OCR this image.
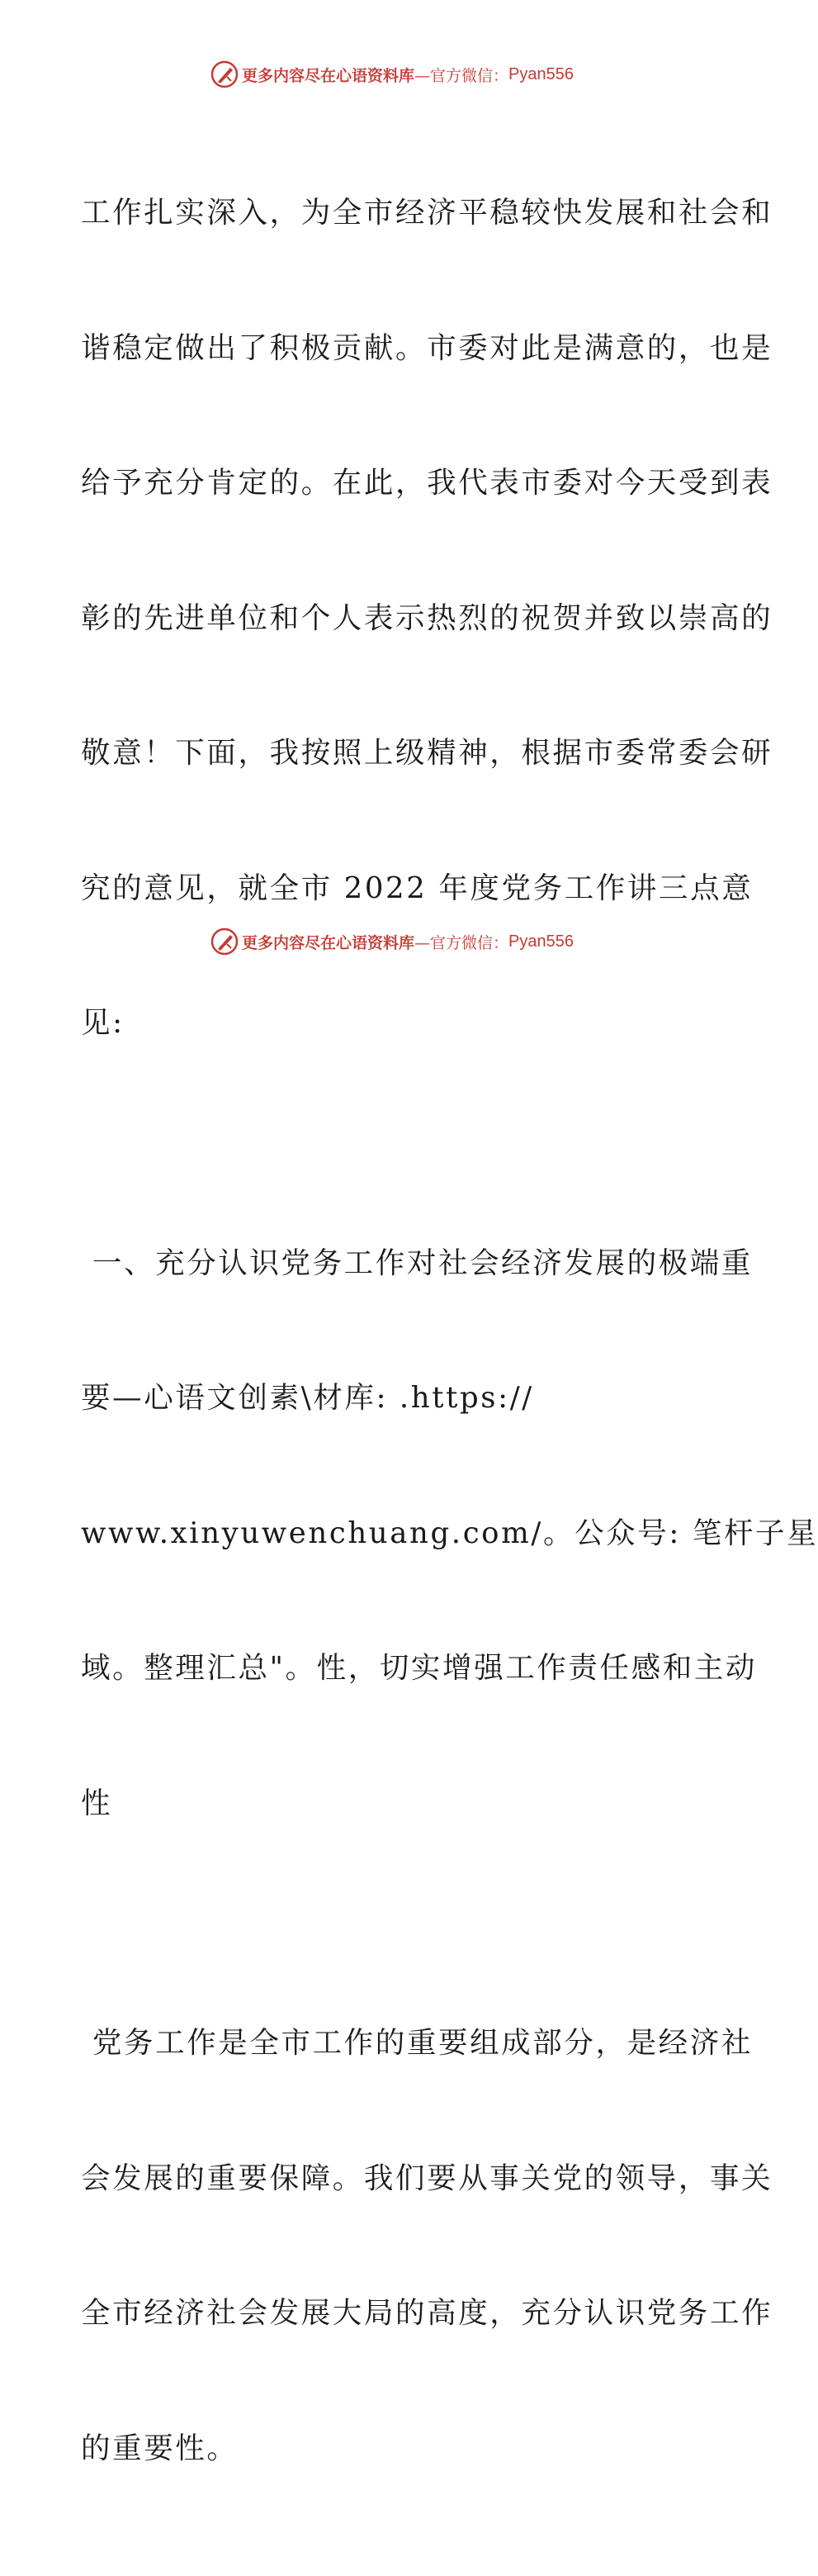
更多内容尽在心语资料库 —官方微信： Pyan556

工作扎实深入，为全市经济平稳较快发展和社会和

谐稳定做出了积极贡献。市委对此是满意的，也是

给予充分肯定的。在此，我代表市委对今天受到表

彰的先进单位和个人表示热烈的祝贺并致以崇高的

敬意！下面，我按照上级精神，根据市委常委会研

究的意见，就全市 2022 年度党务工作讲三点意

见:

一、充分认识党务工作对社会经济发展的极端重

要—心语文创素\材库: .https://

www.xinyuwenchuang.com/。公众号: 笔杆子星

域。整理汇总"。性，切实增强工作责任感和主动

性

党务工作是全市工作的重要组成部分，是经济社

会发展的重要保障。我们要从事关党的领导，事关

全市经济社会发展大局的高度，充分认识党务工作

的重要性。

更多内容尽在心语资料库 —官方微信： Pyan556
